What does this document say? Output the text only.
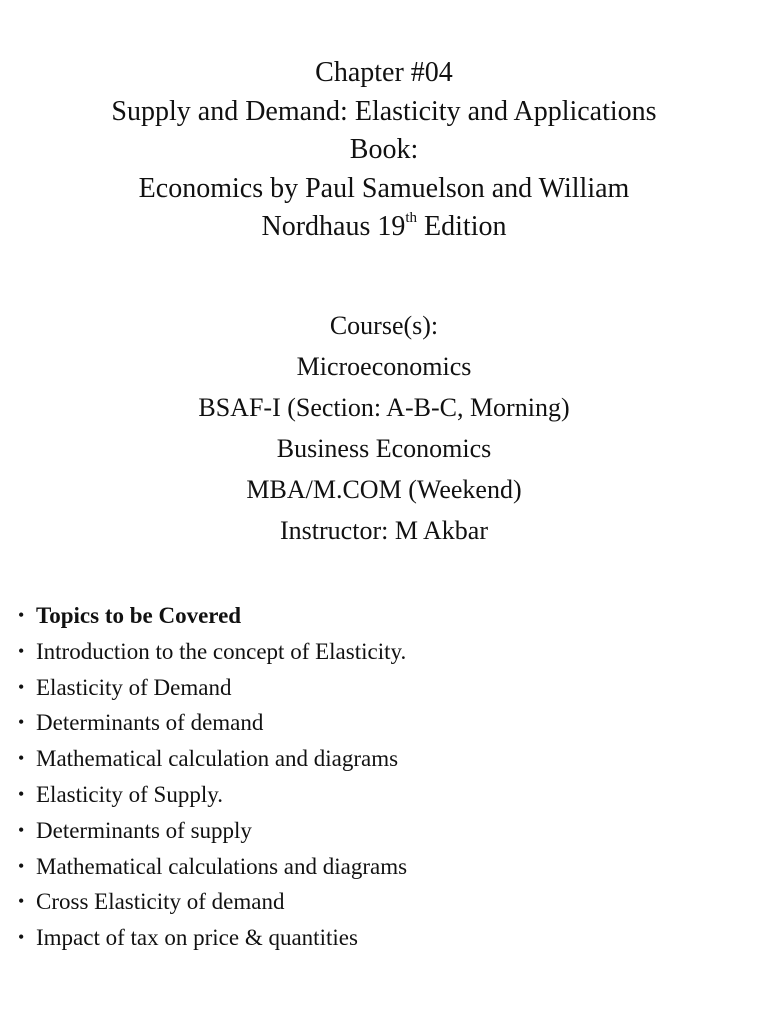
Chapter #04
Supply and Demand: Elasticity and Applications
Book:
Economics by Paul Samuelson and William
Nordhaus 19th Edition
Course(s):
Microeconomics
BSAF-I (Section: A-B-C, Morning)
Business Economics
MBA/M.COM (Weekend)
Instructor: M Akbar
• Topics to be Covered
• Introduction to the concept of Elasticity.
• Elasticity of Demand
• Determinants of demand
• Mathematical calculation and diagrams
• Elasticity of Supply.
• Determinants of supply
• Mathematical calculations and diagrams
• Cross Elasticity of demand
• Impact of tax on price & quantities
